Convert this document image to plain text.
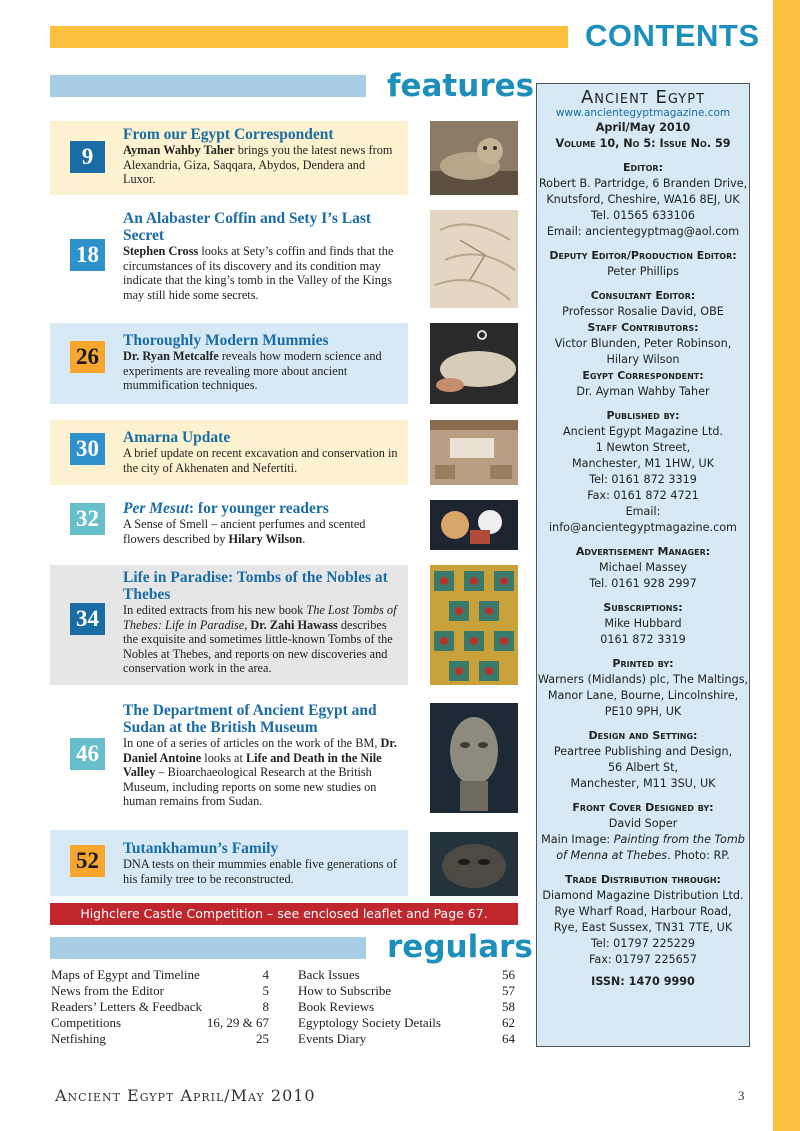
CONTENTS
features
9
From our Egypt Correspondent
Ayman Wahby Taher brings you the latest news from Alexandria, Giza, Saqqara, Abydos, Dendera and Luxor.
18
An Alabaster Coffin and Sety I’s Last Secret
Stephen Cross looks at Sety’s coffin and finds that the circumstances of its discovery and its condition may indicate that the king’s tomb in the Valley of the Kings may still hide some secrets.
26
Thoroughly Modern Mummies
Dr. Ryan Metcalfe reveals how modern science and experiments are revealing more about ancient mummification techniques.
30	Amarna Update
A brief update on recent excavation and conservation in the city of Akhenaten and Nefertiti.
32	Per Mesut: for younger readers
A Sense of Smell – ancient perfumes and scented flowers described by Hilary Wilson.
34
Life in Paradise: Tombs of the Nobles at Thebes
In edited extracts from his new book The Lost Tombs of Thebes: Life in Paradise, Dr. Zahi Hawass describes the exquisite and sometimes little-known Tombs of the Nobles at Thebes, and reports on new discoveries and conservation work in the area.
46
The Department of Ancient Egypt and Sudan at the British Museum
In one of a series of articles on the work of the BM, Dr. Daniel Antoine looks at Life and Death in the Nile Valley – Bioarchaeological Research at the British Museum, including reports on some new studies on human remains from Sudan.
52	Tutankhamun’s Family
DNA tests on their mummies enable five generations of his family tree to be reconstructed.
Highclere Castle Competition – see enclosed leaflet and Page 67.
regulars
Maps of Egypt and Timeline	4
News from the Editor	5
Readers’ Letters & Feedback	8
Competitions	16, 29 & 67
Netfishing	25
Back Issues	56
How to Subscribe	57
Book Reviews	58
Egyptology Society Details	62
Events Diary	64
Ancient Egypt
www.ancientegyptmagazine.com
April/May 2010
Volume 10, No 5: Issue No. 59
Editor:
Robert B. Partridge, 6 Branden Drive,
Knutsford, Cheshire, WA16 8EJ, UK
Tel. 01565 633106
Email: ancientegyptmag@aol.com
Deputy Editor/Production Editor:
Peter Phillips
Consultant Editor:
Professor Rosalie David, OBE
Staff Contributors:
Victor Blunden, Peter Robinson,
Hilary Wilson
Egypt Correspondent:
Dr. Ayman Wahby Taher
Published by:
Ancient Egypt Magazine Ltd.
1 Newton Street,
Manchester, M1 1HW, UK
Tel: 0161 872 3319
Fax: 0161 872 4721
Email:
info@ancientegyptmagazine.com
Advertisement Manager:
Michael Massey
Tel. 0161 928 2997
Subscriptions:
Mike Hubbard
0161 872 3319
Printed by:
Warners (Midlands) plc, The Maltings,
Manor Lane, Bourne, Lincolnshire,
PE10 9PH, UK
Design and Setting:
Peartree Publishing and Design,
56 Albert St,
Manchester, M11 3SU, UK
Front Cover Designed by:
David Soper
Main Image: Painting from the Tomb of Menna at Thebes. Photo: RP.
Trade Distribution through:
Diamond Magazine Distribution Ltd.
Rye Wharf Road, Harbour Road,
Rye, East Sussex, TN31 7TE, UK
Tel: 01797 225229
Fax: 01797 225657
ISSN: 1470 9990
Ancient Egypt April/May 2010	3
